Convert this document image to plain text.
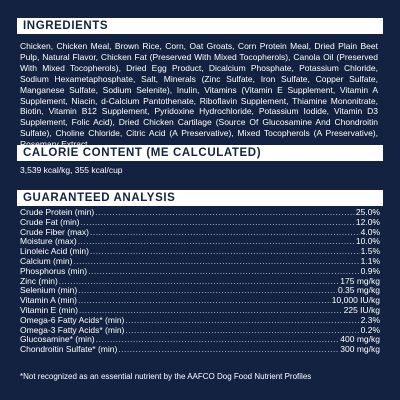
INGREDIENTS
Chicken, Chicken Meal, Brown Rice, Corn, Oat Groats, Corn Protein Meal, Dried Plain Beet Pulp, Natural Flavor, Chicken Fat (Preserved With Mixed Tocopherols), Canola Oil (Preserved With Mixed Tocopherols), Dried Egg Product, Dicalcium Phosphate, Potassium Chloride, Sodium Hexametaphosphate, Salt, Minerals (Zinc Sulfate, Iron Sulfate, Copper Sulfate, Manganese Sulfate, Sodium Selenite), Inulin, Vitamins (Vitamin E Supplement, Vitamin A Supplement, Niacin, d-Calcium Pantothenate, Riboflavin Supplement, Thiamine Mononitrate, Biotin, Vitamin B12 Supplement, Pyridoxine Hydrochloride, Potassium Iodide, Vitamin D3 Supplement, Folic Acid), Dried Chicken Cartilage (Source Of Glucosamine And Chondroitin Sulfate), Choline Chloride, Citric Acid (A Preservative), Mixed Tocopherols (A Preservative),
CALORIE CONTENT (ME CALCULATED)
3,539 kcal/kg, 355 kcal/cup
GUARANTEED ANALYSIS
Crude Protein (min) .....	25.0%
Crude Fat (min) .....	12.0%
Crude Fiber (max) .....	4.0%
Moisture (max) .....	10.0%
Linoleic Acid (min) .....	1.5%
Calcium (min) .....	1.1%
Phosphorus (min) .....	0.9%
Zinc (min) .....	175 mg/kg
Selenium (min) .....	0.35 mg/kg
Vitamin A (min) .....	10,000 IU/kg
Vitamin E (min) .....	225 IU/kg
Omega-6 Fatty Acids* (min) .....	2.3%
Omega-3 Fatty Acids* (min) .....	0.2%
Glucosamine* (min) .....	400 mg/kg
Chondroitin Sulfate* (min) .....	300 mg/kg
*Not recognized as an essential nutrient by the AAFCO Dog Food Nutrient Profiles
